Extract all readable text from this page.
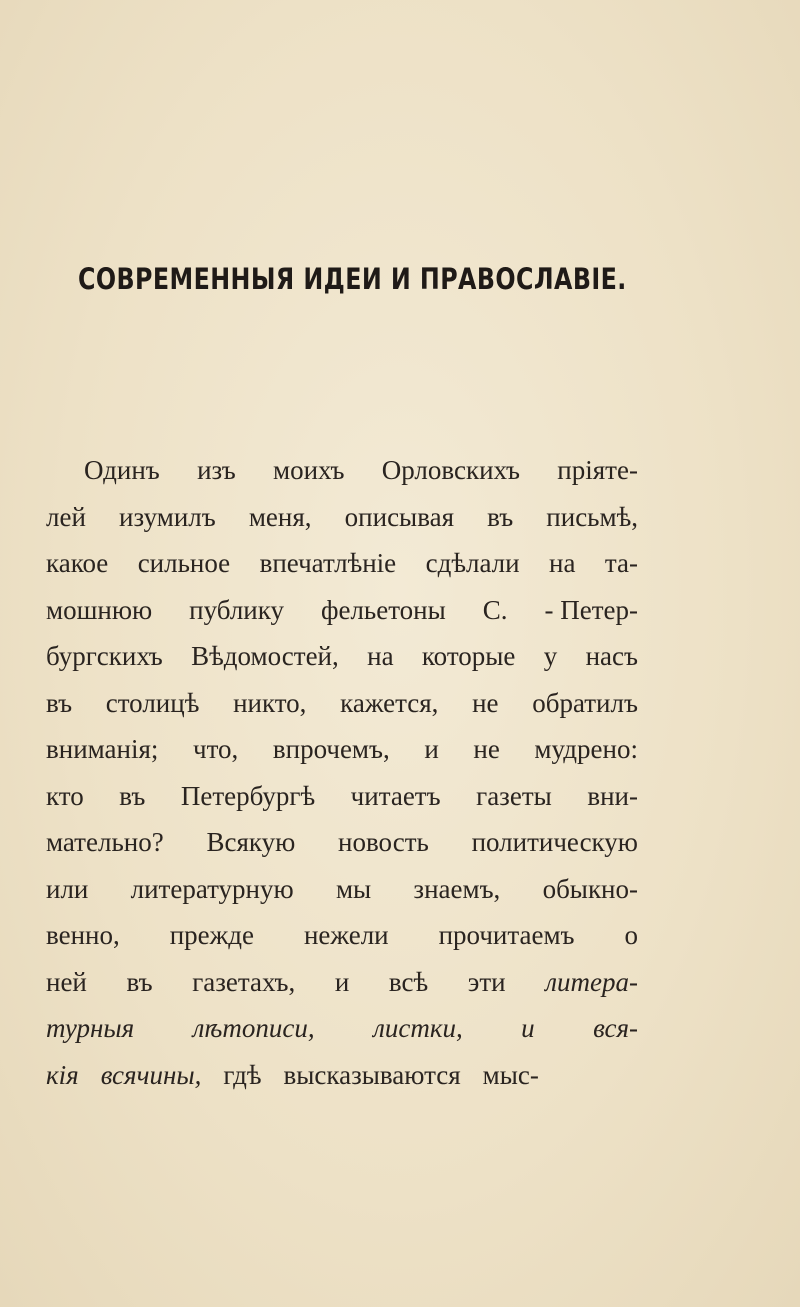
СОВРЕМЕННЫЯ ИДЕИ И ПРАВОСЛАВІЕ.
Одинъ изъ моихъ Орловскихъ пріяте-
лей изумилъ меня, описывая въ письмѣ,
какое сильное впечатлѣніе сдѣлали на та-
мошнюю публику фельетоны С. - Петер-
бургскихъ Вѣдомостей, на которые у насъ
въ столицѣ никто, кажется, не обратилъ
вниманія; что, впрочемъ, и не мудрено:
кто въ Петербургѣ читаетъ газеты вни-
мательно? Всякую новость политическую
или литературную мы знаемъ, обыкно-
венно, прежде нежели прочитаемъ о
ней въ газетахъ, и всѣ эти литера-
турныя лѣтописи, листки, и вся-
кія всячины, гдѣ высказываются мыс-
